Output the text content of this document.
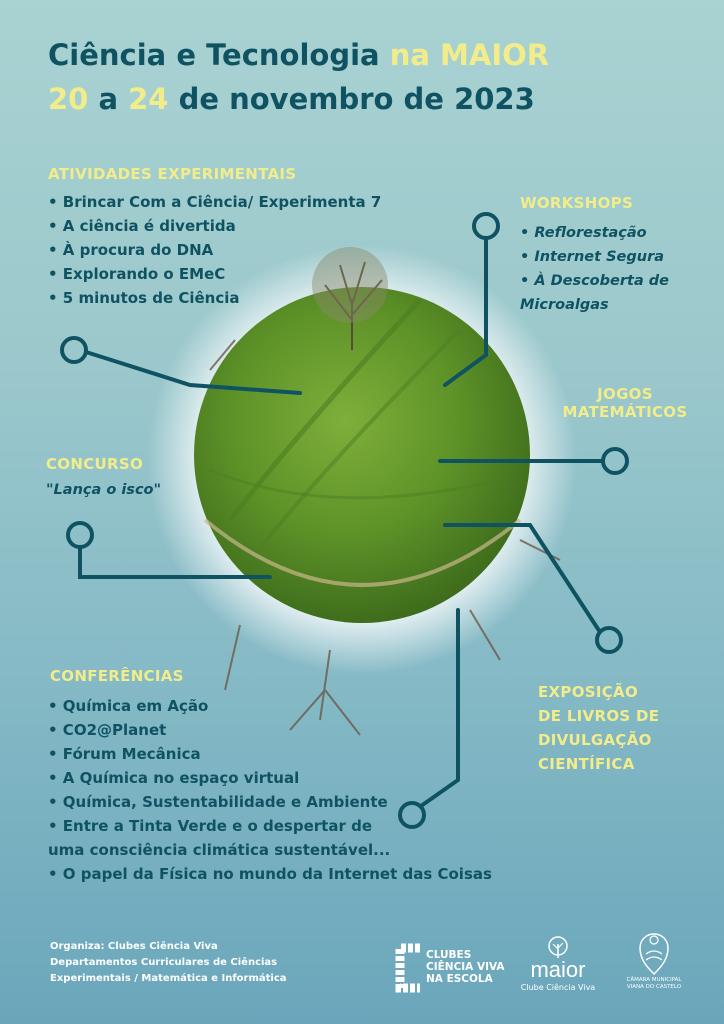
Ciência e Tecnologia na MAIOR
20 a 24 de novembro de 2023
ATIVIDADES EXPERIMENTAIS
• Brincar Com a Ciência/ Experimenta 7
• A ciência é divertida
• À procura do DNA
• Explorando o EMeC
• 5 minutos de Ciência
WORKSHOPS
• Reflorestação
• Internet Segura
• À Descoberta de
Microalgas
JOGOS
MATEMÁTICOS
CONCURSO
"Lança o isco"
EXPOSIÇÃO
DE LIVROS DE
DIVULGAÇÃO
CIENTÍFICA
CONFERÊNCIAS
• Química em Ação
• CO2@Planet
• Fórum Mecânica
• A Química no espaço virtual
• Química, Sustentabilidade e Ambiente
• Entre a Tinta Verde e o despertar de
uma consciência climática sustentável...
• O papel da Física no mundo da Internet das Coisas
Organiza: Clubes Ciência Viva
Departamentos Curriculares de Ciências
Experimentais / Matemática e Informática
CLUBES
CIÊNCIA VIVA
NA ESCOLA	maior
Clube Ciência Viva
CÂMARA MUNICIPAL
VIANA DO CASTELO
